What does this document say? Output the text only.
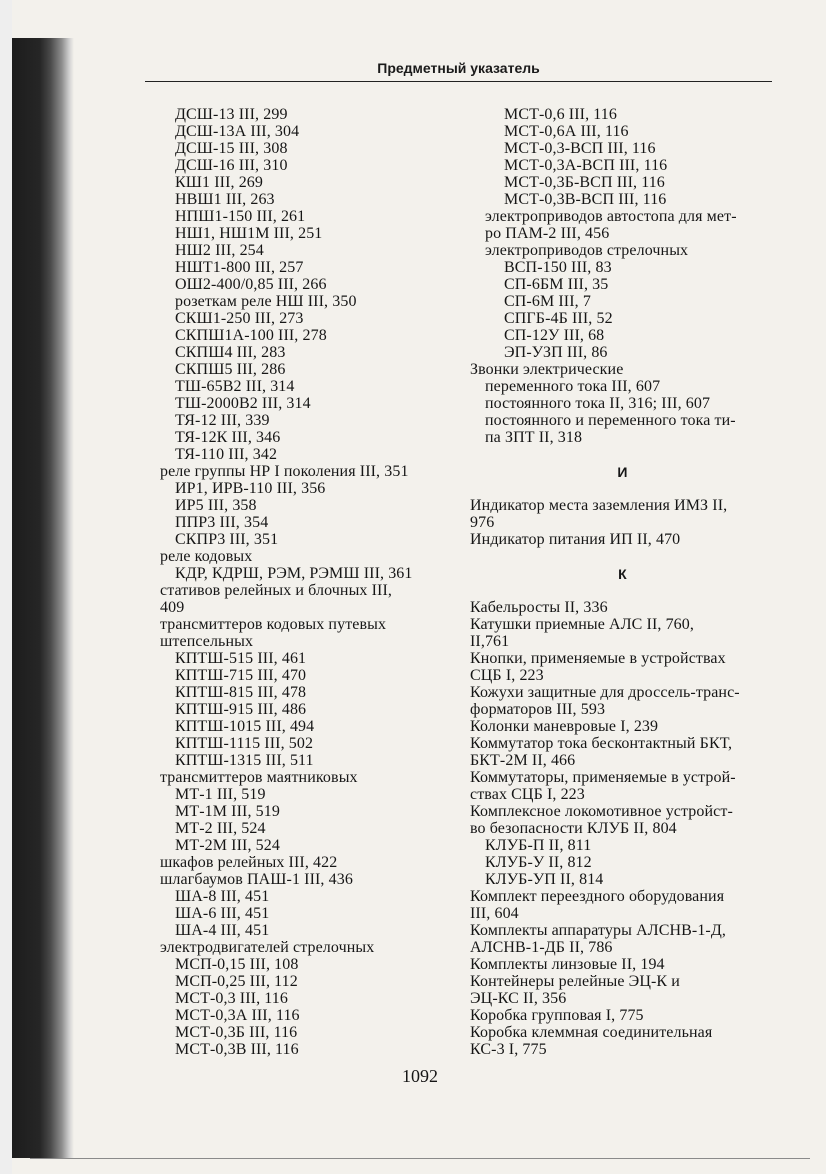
Предметный указатель
ДСШ-13 III, 299
ДСШ-13А III, 304
ДСШ-15 III, 308
ДСШ-16 III, 310
КШ1 III, 269
НВШ1 III, 263
НПШ1-150 III, 261
НШ1, НШ1М III, 251
НШ2 III, 254
НШТ1-800 III, 257
ОШ2-400/0,85 III, 266
розеткам реле НШ III, 350
СКШ1-250 III, 273
СКПШ1А-100 III, 278
СКПШ4 III, 283
СКПШ5 III, 286
ТШ-65В2 III, 314
ТШ-2000В2 III, 314
ТЯ-12 III, 339
ТЯ-12К III, 346
ТЯ-110 III, 342
реле группы НР I поколения III, 351
ИР1, ИРВ-110 III, 356
ИР5 III, 358
ППР3 III, 354
СКПР3 III, 351
реле кодовых
КДР, КДРШ, РЭМ, РЭМШ III, 361
стативов релейных и блочных III,
409
трансмиттеров кодовых путевых
штепсельных
КПТШ-515 III, 461
КПТШ-715 III, 470
КПТШ-815 III, 478
КПТШ-915 III, 486
КПТШ-1015 III, 494
КПТШ-1115 III, 502
КПТШ-1315 III, 511
трансмиттеров маятниковых
МТ-1 III, 519
МТ-1М III, 519
МТ-2 III, 524
МТ-2М III, 524
шкафов релейных III, 422
шлагбаумов ПАШ-1 III, 436
ША-8 III, 451
ША-6 III, 451
ША-4 III, 451
электродвигателей стрелочных
МСП-0,15 III, 108
МСП-0,25 III, 112
МСТ-0,3 III, 116
МСТ-0,3А III, 116
МСТ-0,3Б III, 116
МСТ-0,3В III, 116
МСТ-0,6 III, 116
МСТ-0,6А III, 116
МСТ-0,3-ВСП III, 116
МСТ-0,3А-ВСП III, 116
МСТ-0,3Б-ВСП III, 116
МСТ-0,3В-ВСП III, 116
электроприводов автостопа для мет-
ро ПАМ-2 III, 456
электроприводов стрелочных
ВСП-150 III, 83
СП-6БМ III, 35
СП-6М III, 7
СПГБ-4Б III, 52
СП-12У III, 68
ЭП-УЗП III, 86
Звонки электрические
переменного тока III, 607
постоянного тока II, 316; III, 607
постоянного и переменного тока ти-
па ЗПТ II, 318
И
Индикатор места заземления ИМЗ II,
976
Индикатор питания ИП II, 470
К
Кабельросты II, 336
Катушки приемные АЛС II, 760,
II,761
Кнопки, применяемые в устройствах
СЦБ I, 223
Кожухи защитные для дроссель-транс-
форматоров III, 593
Колонки маневровые I, 239
Коммутатор тока бесконтактный БКТ,
БКТ-2М II, 466
Коммутаторы, применяемые в устрой-
ствах СЦБ I, 223
Комплексное локомотивное устройст-
во безопасности КЛУБ II, 804
КЛУБ-П II, 811
КЛУБ-У II, 812
КЛУБ-УП II, 814
Комплект переездного оборудования
III, 604
Комплекты аппаратуры АЛСНВ-1-Д,
АЛСНВ-1-ДБ II, 786
Комплекты линзовые II, 194
Контейнеры релейные ЭЦ-К и
ЭЦ-КС II, 356
Коробка групповая I, 775
Коробка клеммная соединительная
КС-3 I, 775
1092
